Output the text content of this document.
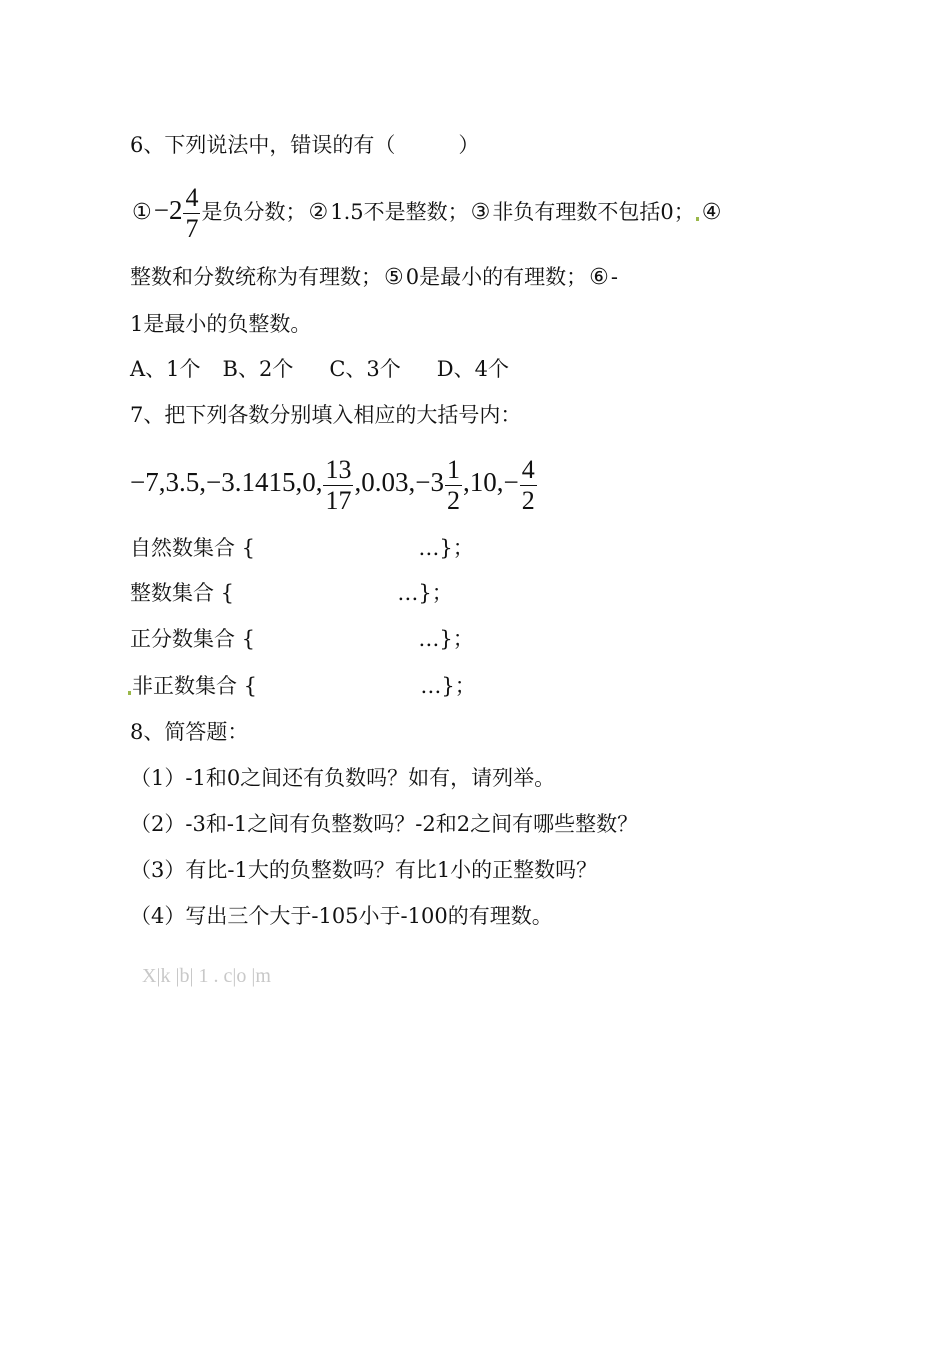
6、下列说法中，错误的有（　　　）
①−2 $\frac{4}{7}$ 是负分数；②1.5不是整数；③非负有理数不包括0； ④
整数和分数统称为有理数；⑤0是最小的有理数；⑥-
1是最小的负整数。
A、1个 B、2个 C、3个 D、4个
7、把下列各数分别填入相应的大括号内：
−7,3.5,−3.1415,0, $\frac{13}{17} ,0.03,-3 \frac{1}{2} ,10,- \frac{4}{2}$
自然数集合 {	…}；
整数集合 {	…}；
正分数集合 {	…}；
非正数集合 {	…}；
8、简答题：
（1）-1和0之间还有负数吗？如有，请列举。
（2）-3和-1之间有负整数吗？-2和2之间有哪些整数？
（3）有比-1大的负整数吗？有比1小的正整数吗？
（4）写出三个大于-105小于-100的有理数。
X|k |b| 1 . c|o |m
